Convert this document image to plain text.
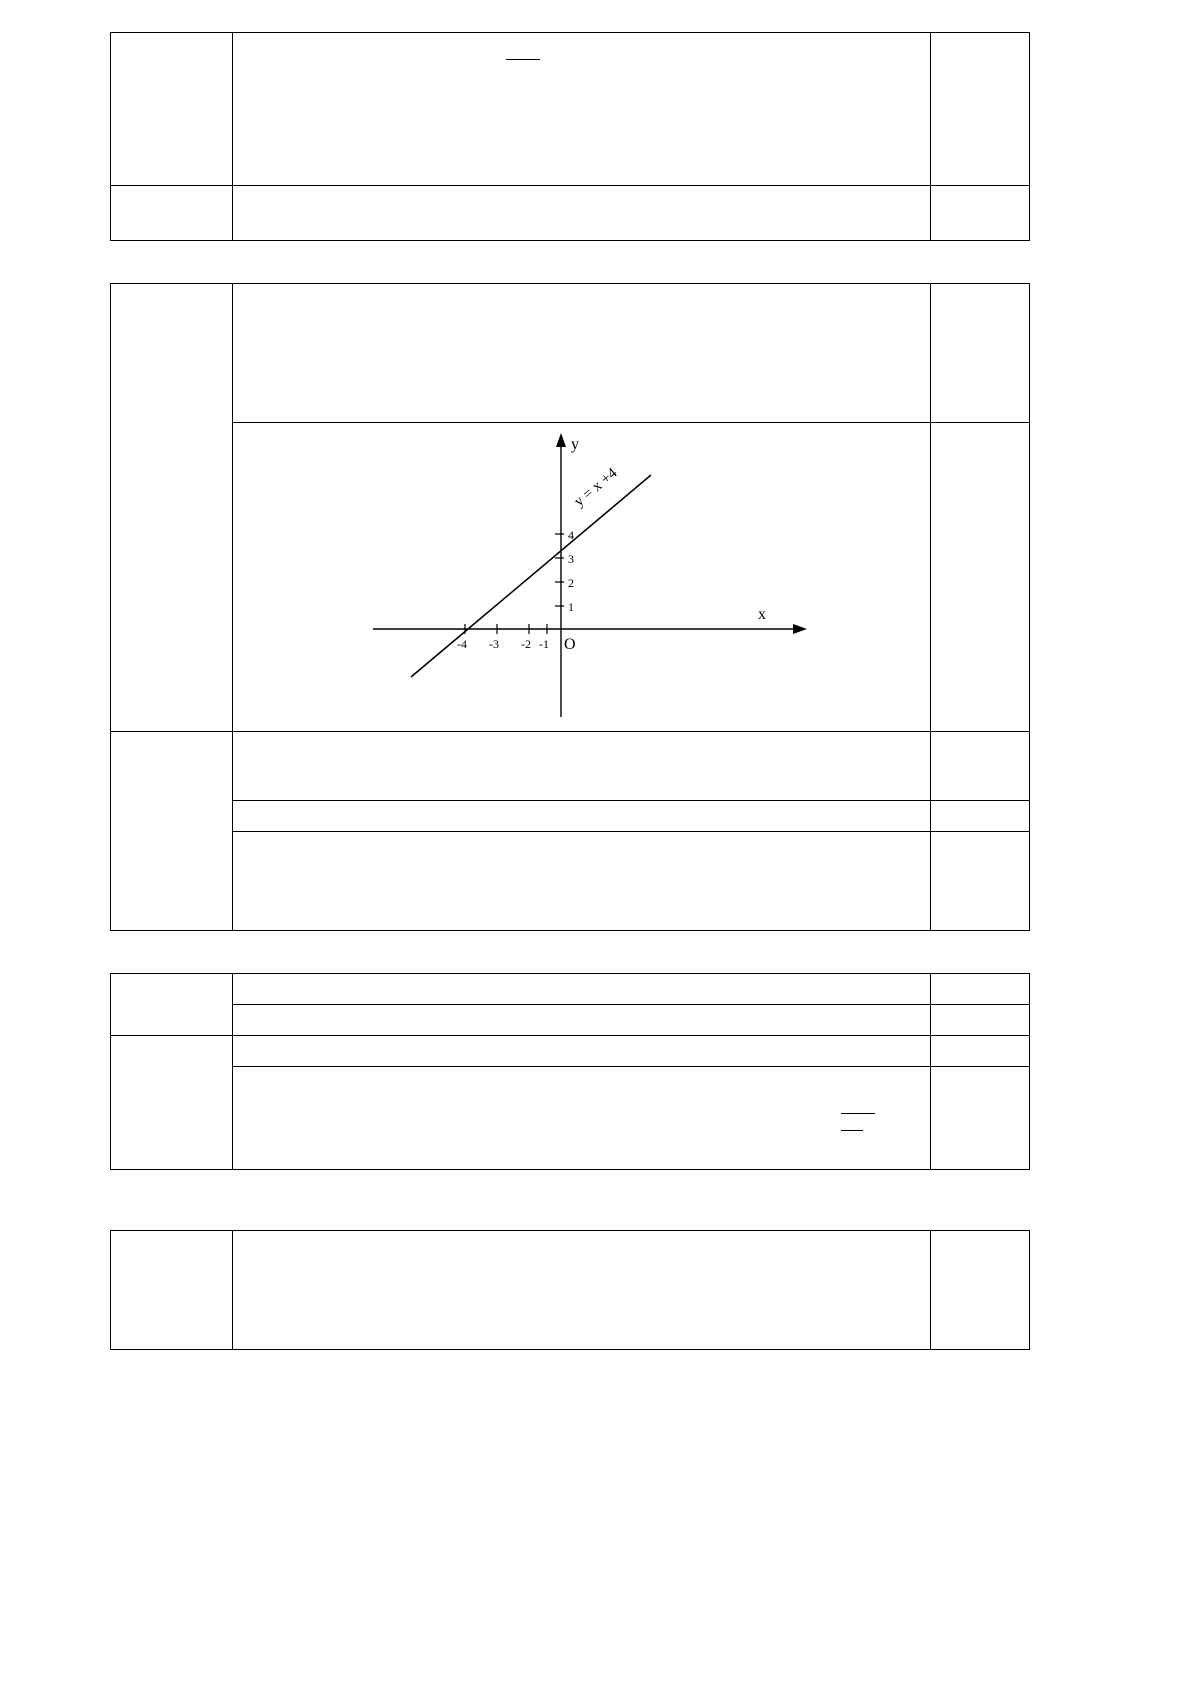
y
x
O
4
3
2
1
-4 -3 -2 -1
y = x +4
